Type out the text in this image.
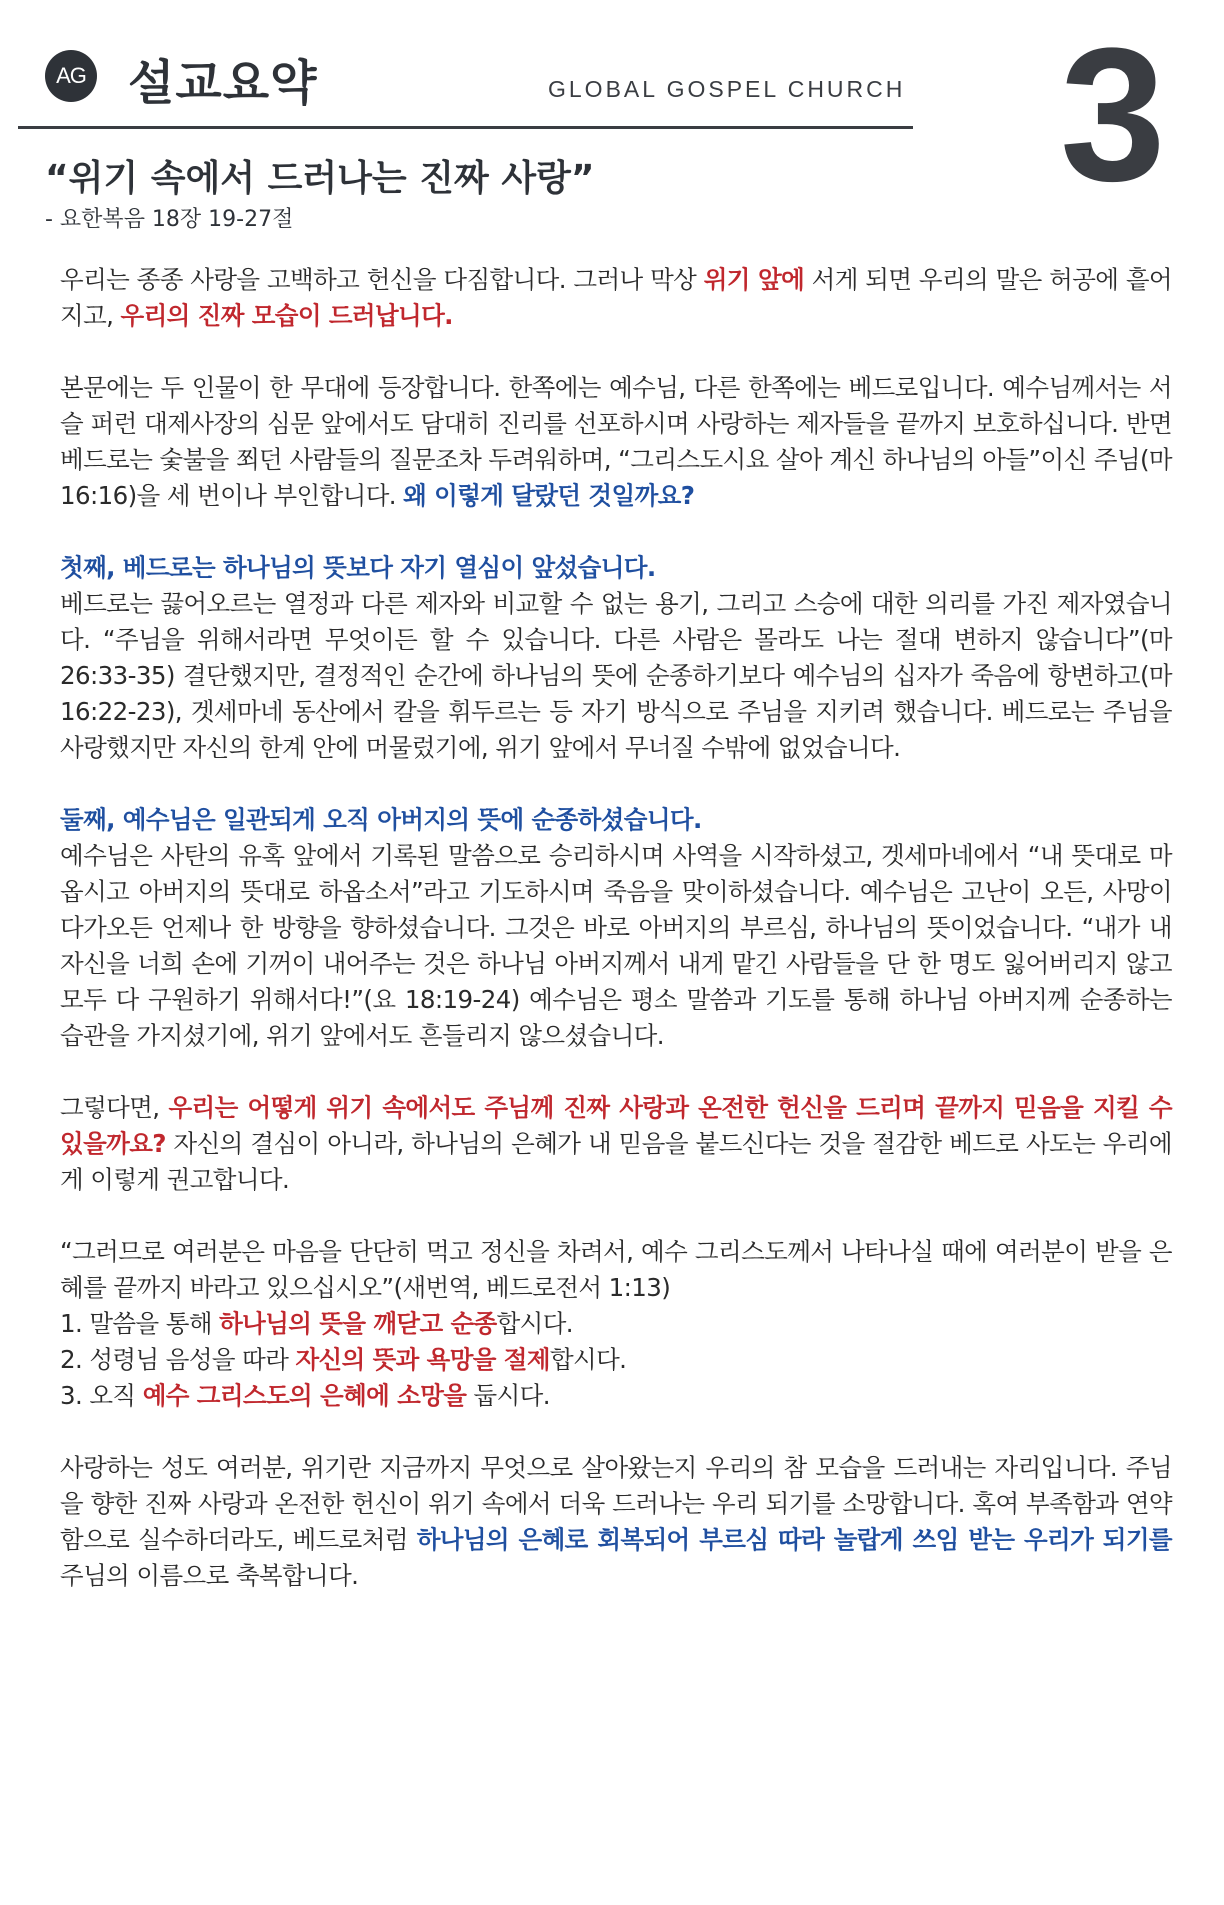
AG 설교요약	GLOBAL GOSPEL CHURCH 3
“위기 속에서 드러나는 진짜 사랑”
- 요한복음 18장 19-27절

우리는 종종 사랑을 고백하고 헌신을 다짐합니다. 그러나 막상 위기 앞에 서게 되면 우리의 말은 허공에 흩어지고, 우리의 진짜 모습이 드러납니다.

본문에는 두 인물이 한 무대에 등장합니다. 한쪽에는 예수님, 다른 한쪽에는 베드로입니다. 예수님께서는 서슬 퍼런 대제사장의 심문 앞에서도 담대히 진리를 선포하시며 사랑하는 제자들을 끝까지 보호하십니다. 반면 베드로는 숯불을 쬐던 사람들의 질문조차 두려워하며, “그리스도시요 살아 계신 하나님의 아들”이신 주님(마 16:16)을 세 번이나 부인합니다. 왜 이렇게 달랐던 것일까요?

첫째, 베드로는 하나님의 뜻보다 자기 열심이 앞섰습니다.
베드로는 끓어오르는 열정과 다른 제자와 비교할 수 없는 용기, 그리고 스승에 대한 의리를 가진 제자였습니다. “주님을 위해서라면 무엇이든 할 수 있습니다. 다른 사람은 몰라도 나는 절대 변하지 않습니다”(마 26:33-35) 결단했지만, 결정적인 순간에 하나님의 뜻에 순종하기보다 예수님의 십자가 죽음에 항변하고(마 16:22-23), 겟세마네 동산에서 칼을 휘두르는 등 자기 방식으로 주님을 지키려 했습니다. 베드로는 주님을 사랑했지만 자신의 한계 안에 머물렀기에, 위기 앞에서 무너질 수밖에 없었습니다.

둘째, 예수님은 일관되게 오직 아버지의 뜻에 순종하셨습니다.
예수님은 사탄의 유혹 앞에서 기록된 말씀으로 승리하시며 사역을 시작하셨고, 겟세마네에서 “내 뜻대로 마옵시고 아버지의 뜻대로 하옵소서”라고 기도하시며 죽음을 맞이하셨습니다. 예수님은 고난이 오든, 사망이 다가오든 언제나 한 방향을 향하셨습니다. 그것은 바로 아버지의 부르심, 하나님의 뜻이었습니다. “내가 내 자신을 너희 손에 기꺼이 내어주는 것은 하나님 아버지께서 내게 맡긴 사람들을 단 한 명도 잃어버리지 않고 모두 다 구원하기 위해서다!”(요 18:19-24) 예수님은 평소 말씀과 기도를 통해 하나님 아버지께 순종하는 습관을 가지셨기에, 위기 앞에서도 흔들리지 않으셨습니다.

그렇다면, 우리는 어떻게 위기 속에서도 주님께 진짜 사랑과 온전한 헌신을 드리며 끝까지 믿음을 지킬 수 있을까요? 자신의 결심이 아니라, 하나님의 은혜가 내 믿음을 붙드신다는 것을 절감한 베드로 사도는 우리에게 이렇게 권고합니다.

“그러므로 여러분은 마음을 단단히 먹고 정신을 차려서, 예수 그리스도께서 나타나실 때에 여러분이 받을 은혜를 끝까지 바라고 있으십시오”(새번역, 베드로전서 1:13)

1. 말씀을 통해 하나님의 뜻을 깨닫고 순종합시다.

2. 성령님 음성을 따라 자신의 뜻과 욕망을 절제합시다.

3. 오직 예수 그리스도의 은혜에 소망을 둡시다.

사랑하는 성도 여러분, 위기란 지금까지 무엇으로 살아왔는지 우리의 참 모습을 드러내는 자리입니다. 주님을 향한 진짜 사랑과 온전한 헌신이 위기 속에서 더욱 드러나는 우리 되기를 소망합니다. 혹여 부족함과 연약함으로 실수하더라도, 베드로처럼 하나님의 은혜로 회복되어 부르심 따라 놀랍게 쓰임 받는 우리가 되기를 주님의 이름으로 축복합니다.
